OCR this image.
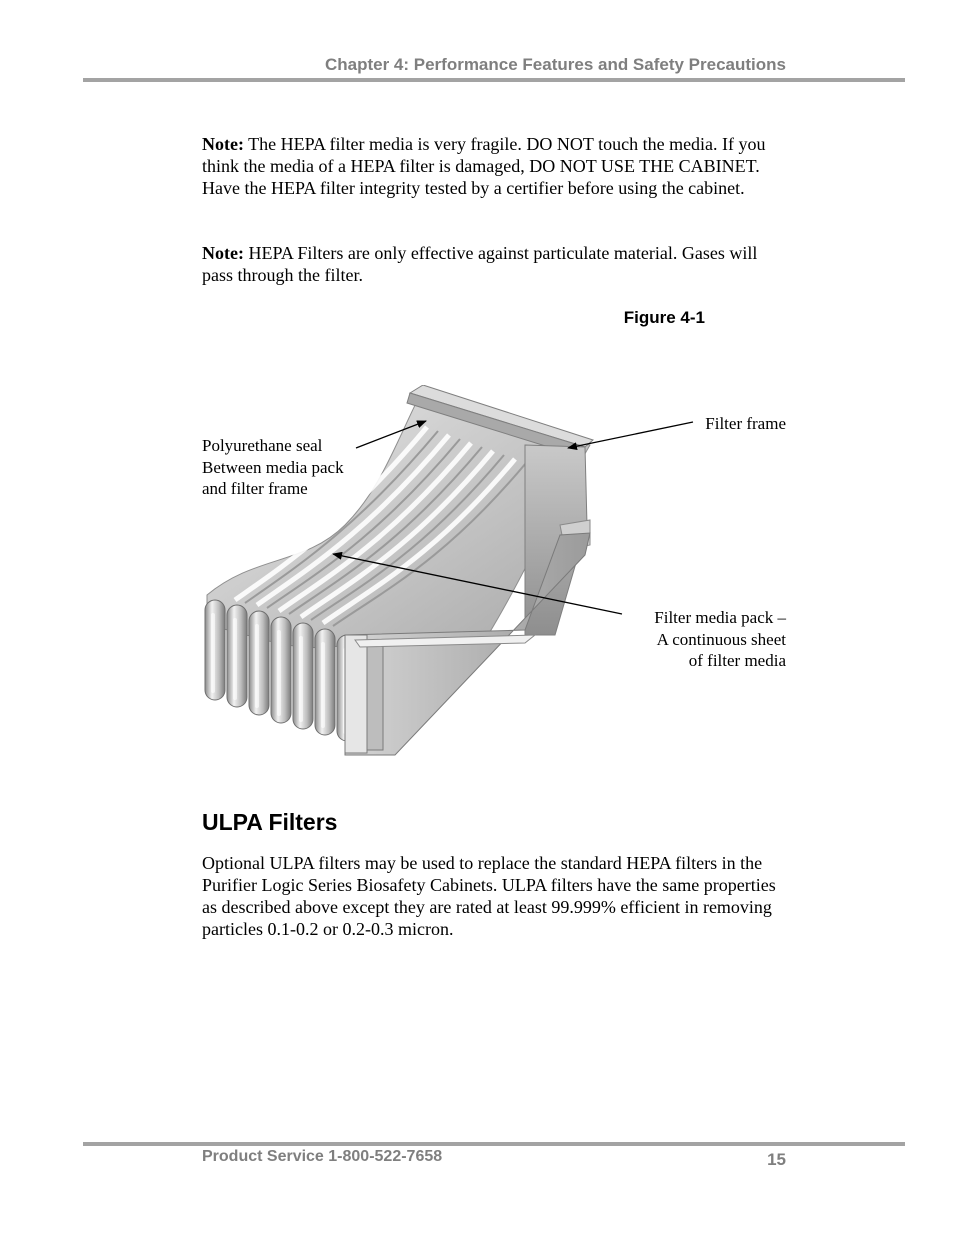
Chapter 4: Performance Features and Safety Precautions

Note: The HEPA filter media is very fragile. DO NOT touch the media. If you think the media of a HEPA filter is damaged, DO NOT USE THE CABINET. Have the HEPA filter integrity tested by a certifier before using the cabinet.

Note: HEPA Filters are only effective against particulate material. Gases will pass through the filter.

Figure 4-1

Polyurethane seal
Between media pack
and filter frame

Filter frame

Filter media pack –
A continuous sheet
of filter media

ULPA Filters

Optional ULPA filters may be used to replace the standard HEPA filters in the Purifier Logic Series Biosafety Cabinets. ULPA filters have the same properties as described above except they are rated at least 99.999% efficient in removing particles 0.1-0.2 or 0.2-0.3 micron.

Product Service 1-800-522-7658	15
